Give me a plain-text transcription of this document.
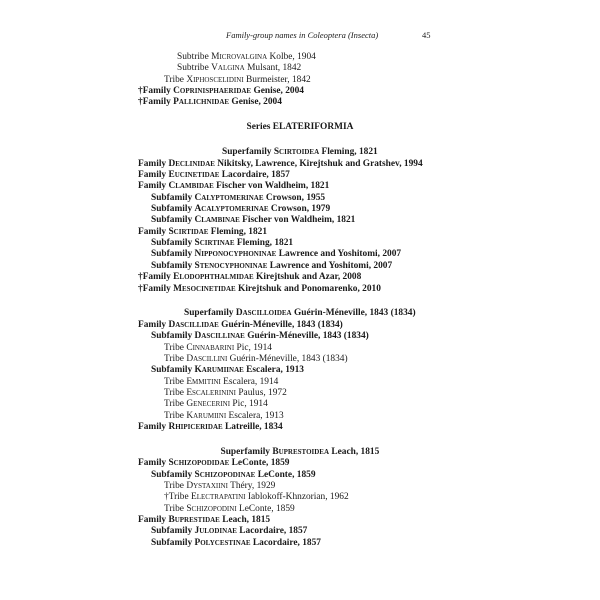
Family-group names in Coleoptera (Insecta)	45
Subtribe Microvalgina Kolbe, 1904
Subtribe Valgina Mulsant, 1842
Tribe Xiphoscelidini Burmeister, 1842
†Family Coprinisphaeridae Genise, 2004
†Family Pallichnidae Genise, 2004
Series ELATERIFORMIA
Superfamily Scirtoidea Fleming, 1821
Family Declinidae Nikitsky, Lawrence, Kirejtshuk and Gratshev, 1994
Family Eucinetidae Lacordaire, 1857
Family Clambidae Fischer von Waldheim, 1821
Subfamily Calyptomerinae Crowson, 1955
Subfamily Acalyptomerinae Crowson, 1979
Subfamily Clambinae Fischer von Waldheim, 1821
Family Scirtidae Fleming, 1821
Subfamily Scirtinae Fleming, 1821
Subfamily Nipponocyphoninae Lawrence and Yoshitomi, 2007
Subfamily Stenocyphoninae Lawrence and Yoshitomi, 2007
†Family Elodophthalmidae Kirejtshuk and Azar, 2008
†Family Mesocinetidae Kirejtshuk and Ponomarenko, 2010
Superfamily Dascilloidea Guérin-Méneville, 1843 (1834)
Family Dascillidae Guérin-Méneville, 1843 (1834)
Subfamily Dascillinae Guérin-Méneville, 1843 (1834)
Tribe Cinnabarini Pic, 1914
Tribe Dascillini Guérin-Méneville, 1843 (1834)
Subfamily Karumiinae Escalera, 1913
Tribe Emmitini Escalera, 1914
Tribe Escalerinini Paulus, 1972
Tribe Genecerini Pic, 1914
Tribe Karumiini Escalera, 1913
Family Rhipiceridae Latreille, 1834
Superfamily Buprestoidea Leach, 1815
Family Schizopodidae LeConte, 1859
Subfamily Schizopodinae LeConte, 1859
Tribe Dystaxiini Théry, 1929
†Tribe Electrapatini Iablokoff-Khnzorian, 1962
Tribe Schizopodini LeConte, 1859
Family Buprestidae Leach, 1815
Subfamily Julodinae Lacordaire, 1857
Subfamily Polycestinae Lacordaire, 1857
